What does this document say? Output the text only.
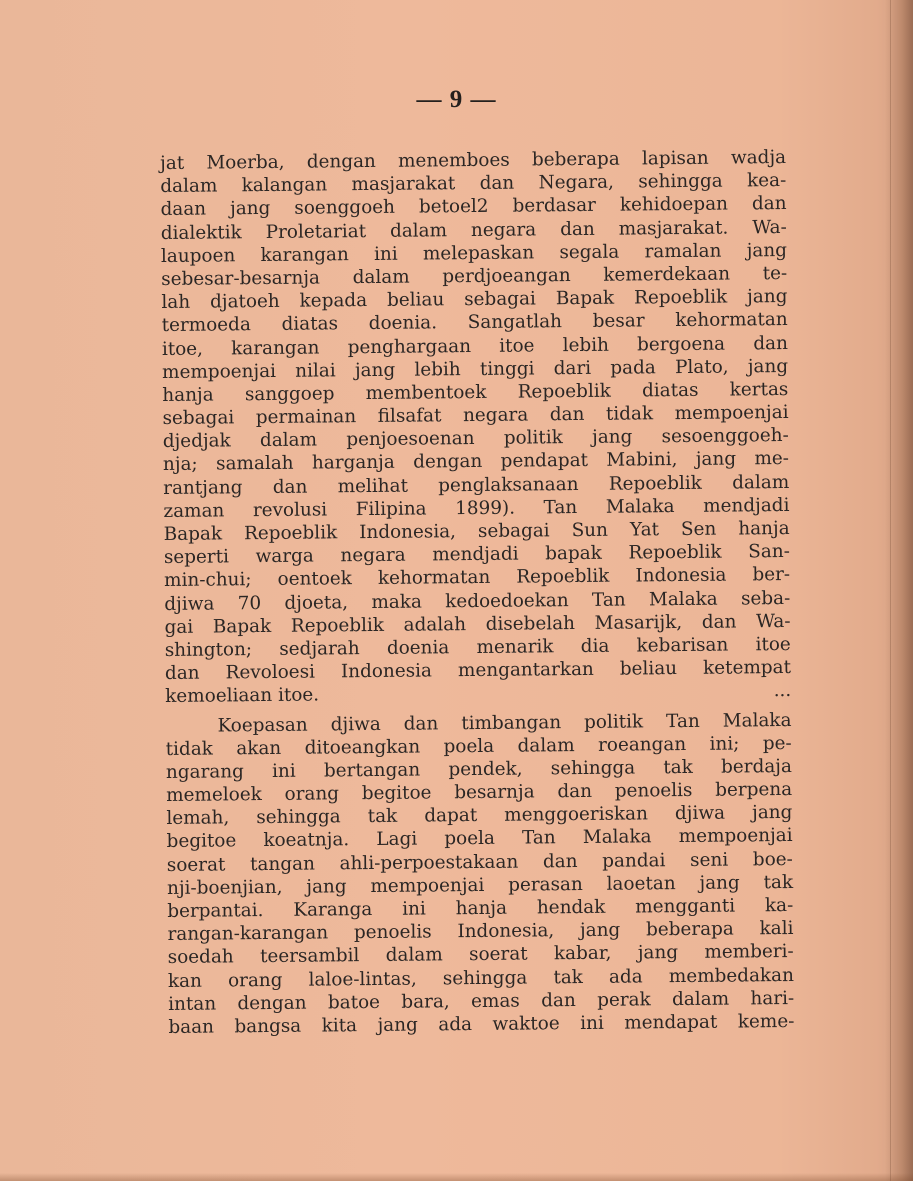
— 9 —
jat Moerba, dengan menemboes beberapa lapisan wadja
dalam kalangan masjarakat dan Negara, sehingga kea-
daan jang soenggoeh betoel2 berdasar kehidoepan dan
dialektik Proletariat dalam negara dan masjarakat. Wa-
laupoen karangan ini melepaskan segala ramalan jang
sebesar-besarnja dalam perdjoeangan kemerdekaan te-
lah djatoeh kepada beliau sebagai Bapak Repoeblik jang
termoeda diatas doenia. Sangatlah besar kehormatan
itoe, karangan penghargaan itoe lebih bergoena dan
mempoenjai nilai jang lebih tinggi dari pada Plato, jang
hanja sanggoep membentoek Repoeblik diatas kertas
sebagai permainan filsafat negara dan tidak mempoenjai
djedjak dalam penjoesoenan politik jang sesoenggoeh-
nja; samalah harganja dengan pendapat Mabini, jang me-
rantjang dan melihat penglaksanaan Repoeblik dalam
zaman revolusi Filipina 1899). Tan Malaka mendjadi
Bapak Repoeblik Indonesia, sebagai Sun Yat Sen hanja
seperti warga negara mendjadi bapak Repoeblik San-
min-chui; oentoek kehormatan Repoeblik Indonesia ber-
djiwa 70 djoeta, maka kedoedoekan Tan Malaka seba-
gai Bapak Repoeblik adalah disebelah Masarijk, dan Wa-
shington; sedjarah doenia menarik dia kebarisan itoe
dan Revoloesi Indonesia mengantarkan beliau ketempat
kemoeliaan itoe.	...
Koepasan djiwa dan timbangan politik Tan Malaka
tidak akan ditoeangkan poela dalam roeangan ini; pe-
ngarang ini bertangan pendek, sehingga tak berdaja
memeloek orang begitoe besarnja dan penoelis berpena
lemah, sehingga tak dapat menggoeriskan djiwa jang
begitoe koeatnja. Lagi poela Tan Malaka mempoenjai
soerat tangan ahli-perpoestakaan dan pandai seni boe-
nji-boenjian, jang mempoenjai perasan laoetan jang tak
berpantai. Karanga ini hanja hendak mengganti ka-
rangan-karangan penoelis Indonesia, jang beberapa kali
soedah teersambil dalam soerat kabar, jang memberi-
kan orang laloe-lintas, sehingga tak ada membedakan
intan dengan batoe bara, emas dan perak dalam hari-
baan bangsa kita jang ada waktoe ini mendapat keme-
